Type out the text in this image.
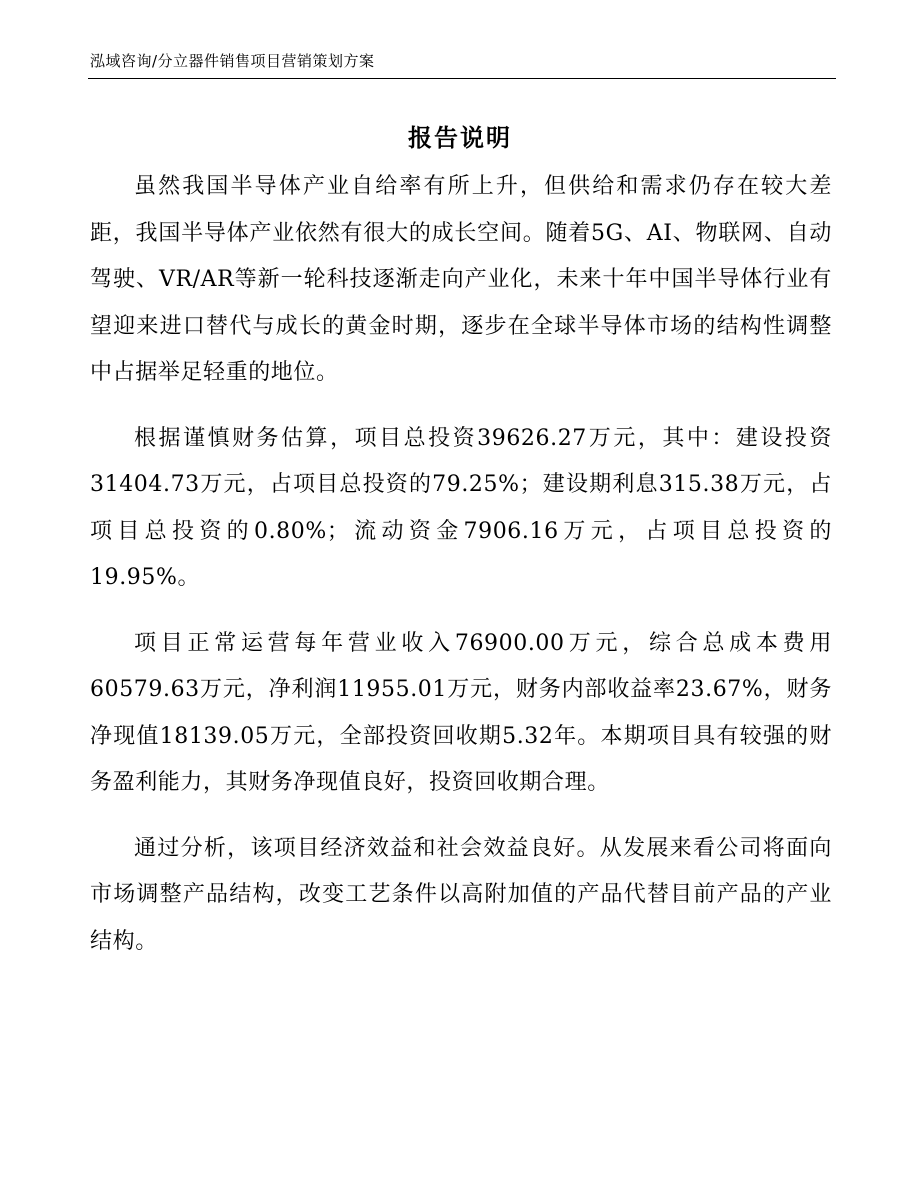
泓域咨询/分立器件销售项目营销策划方案
报告说明

虽然我国半导体产业自给率有所上升，但供给和需求仍存在较大差距，我国半导体产业依然有很大的成长空间。随着5G、AI、物联网、自动驾驶、VR/AR等新一轮科技逐渐走向产业化，未来十年中国半导体行业有望迎来进口替代与成长的黄金时期，逐步在全球半导体市场的结构性调整中占据举足轻重的地位。

根据谨慎财务估算，项目总投资39626.27万元，其中：建设投资31404.73万元，占项目总投资的79.25%；建设期利息315.38万元，占项目总投资的0.80%；流动资金7906.16万元，占项目总投资的19.95%。

项目正常运营每年营业收入76900.00万元，综合总成本费用60579.63万元，净利润11955.01万元，财务内部收益率23.67%，财务净现值18139.05万元，全部投资回收期5.32年。本期项目具有较强的财务盈利能力，其财务净现值良好，投资回收期合理。

通过分析，该项目经济效益和社会效益良好。从发展来看公司将面向市场调整产品结构，改变工艺条件以高附加值的产品代替目前产品的产业结构。
